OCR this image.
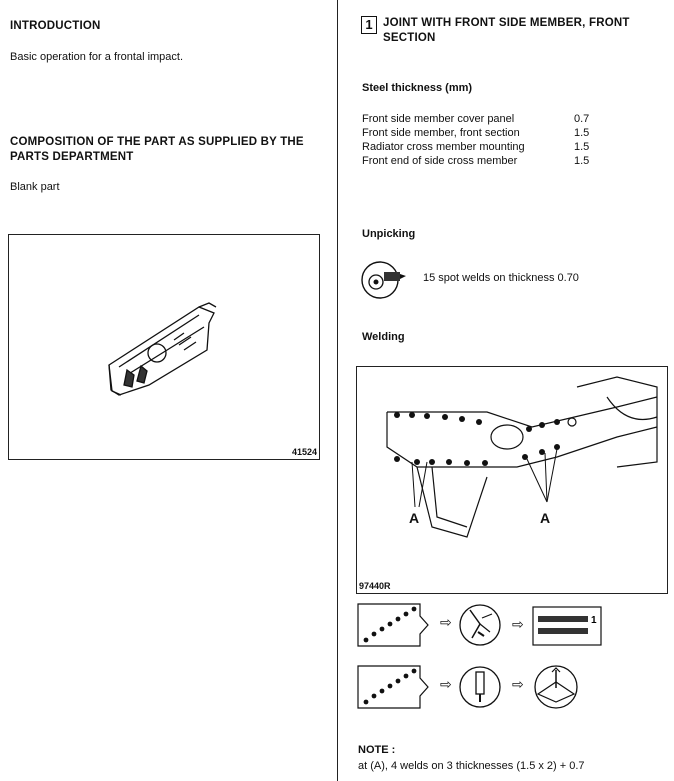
INTRODUCTION
Basic operation for a frontal impact.
COMPOSITION OF THE PART AS SUPPLIED BY THE
PARTS DEPARTMENT
Blank part
41524
1 JOINT WITH FRONT SIDE MEMBER, FRONT
SECTION
Steel thickness (mm)
Front side member cover panel	0.7
Front side member, front section	1.5
Radiator cross member mounting	1.5
Front end of side cross member	1.5
Unpicking
15 spot welds on thickness 0.70
Welding
A	A
97440R
⇨	1
⇨
⇨	⇨
NOTE :
at (A), 4 welds on 3 thicknesses (1.5 x 2) + 0.7
